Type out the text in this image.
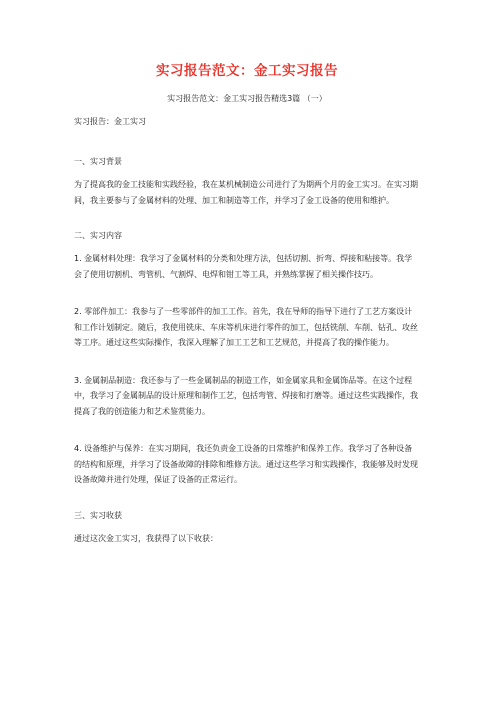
实习报告范文：金工实习报告

实习报告范文：金工实习报告精选3篇 （一）

实习报告：金工实习

一、实习背景

为了提高我的金工技能和实践经验，我在某机械制造公司进行了为期两个月的金工实习。在实习期间，我主要参与了金属材料的处理、加工和制造等工作，并学习了金工设备的使用和维护。

二、实习内容

1. 金属材料处理：我学习了金属材料的分类和处理方法，包括切割、折弯、焊接和粘接等。我学会了使用切割机、弯管机、气割焊、电焊和钳工等工具，并熟练掌握了相关操作技巧。

2. 零部件加工：我参与了一些零部件的加工工作。首先，我在导师的指导下进行了工艺方案设计和工作计划制定。随后，我使用铣床、车床等机床进行零件的加工，包括铣削、车削、钻孔、攻丝等工序。通过这些实际操作，我深入理解了加工工艺和工艺规范，并提高了我的操作能力。

3. 金属制品制造：我还参与了一些金属制品的制造工作，如金属家具和金属饰品等。在这个过程中，我学习了金属制品的设计原理和制作工艺，包括弯管、焊接和打磨等。通过这些实践操作，我提高了我的创造能力和艺术鉴赏能力。

4. 设备维护与保养：在实习期间，我还负责金工设备的日常维护和保养工作。我学习了各种设备的结构和原理，并学习了设备故障的排除和维修方法。通过这些学习和实践操作，我能够及时发现设备故障并进行处理，保证了设备的正常运行。

三、实习收获

通过这次金工实习，我获得了以下收获：
